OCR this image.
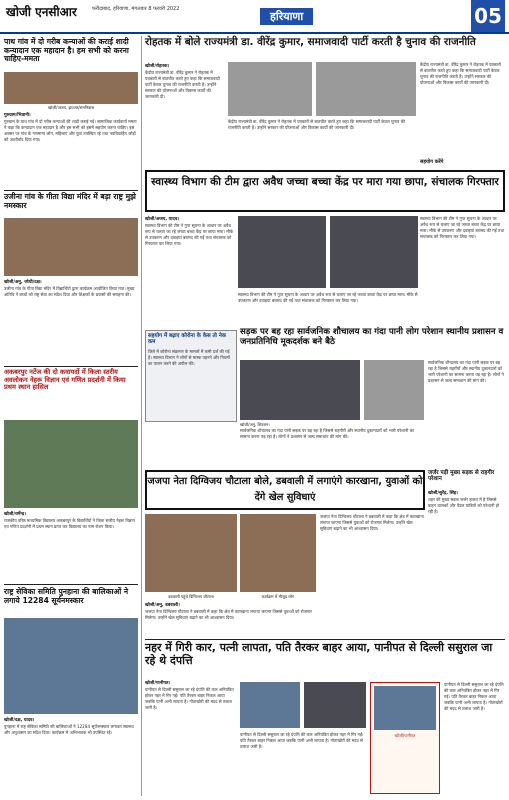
खोजी एनसीआर	फरीदाबाद, हरियाणा, मंगलवार 8 फरवरी 2022
हरियाणा	05
पाथ गांव में दो गरीब कन्याओं की कराई शादी कन्यादान एक महादान है। हम सभी को करना चाहिए-ममता
खोजी/अजय, झज्जर/रामनिवास
गुरुग्राम/भिवानी।
गुरुग्राम के पाथ गांव में दो गरीब कन्याओं की शादी कराई गई। सामाजिक कार्यकर्ता ममता ने कहा कि कन्यादान एक महादान है और हम सभी को इसमें सहयोग करना चाहिए। इस अवसर पर गांव के गणमान्य लोग, महिलाएं और युवा उपस्थित रहे तथा नवविवाहित जोड़ों को आशीर्वाद दिया गया।
उजीना गांव के गीता विद्या मंदिर में बड़ा राष्ट्र मुझे नमस्कार
खोजी/अनु, जोधी/दक्ष।
उजीना गांव के गीता विद्या मंदिर में विद्यार्थियों द्वारा कार्यक्रम आयोजित किया गया। मुख्य अतिथि ने बच्चों को राष्ट्र सेवा का संदेश दिया और शिक्षकों के प्रयासों की सराहना की।
अकबरपुर नटेंज की दो कवायदों में किला स्तरीय अवलोकन नेहरू विज्ञान एवं गणित प्रदर्शनी में किया प्रथम स्थान हासिल
खोजी/धर्मेन्द्र।
राजकीय वरिष्ठ माध्यमिक विद्यालय अकबरपुर के विद्यार्थियों ने जिला स्तरीय नेहरू विज्ञान एवं गणित प्रदर्शनी में प्रथम स्थान प्राप्त कर विद्यालय का नाम रोशन किया।
राष्ट्र सेविका समिति पुनहाना की बालिकाओं ने लगाये 12284 सूर्यनमस्कार
खोजी/दक्ष, यादव।
पुनहाना में राष्ट्र सेविका समिति की बालिकाओं ने 12284 सूर्यनमस्कार लगाकर स्वास्थ्य और अनुशासन का संदेश दिया। कार्यक्रम में अभिभावक भी उपस्थित रहे।
रोहतक में बोले राज्यमंत्री डा. वीरेंद्र कुमार, समाजवादी पार्टी करती है चुनाव की राजनीति
खोजी/रोहतक।
केंद्रीय राज्यमंत्री डा. वीरेंद्र कुमार ने रोहतक में पत्रकारों से बातचीत करते हुए कहा कि समाजवादी पार्टी केवल चुनाव की राजनीति करती है। उन्होंने सरकार की योजनाओं और विकास कार्यों की जानकारी दी।
केंद्रीय राज्यमंत्री डा. वीरेंद्र कुमार ने रोहतक में पत्रकारों से बातचीत करते हुए कहा कि समाजवादी पार्टी केवल चुनाव की राजनीति करती है। उन्होंने सरकार की योजनाओं और विकास कार्यों की जानकारी दी।
केंद्रीय राज्यमंत्री डा. वीरेंद्र कुमार ने रोहतक में पत्रकारों से बातचीत करते हुए कहा कि समाजवादी पार्टी केवल चुनाव की राजनीति करती है। उन्होंने सरकार की योजनाओं और विकास कार्यों की जानकारी दी।
सहयोग करेंगे
स्वास्थ्य विभाग की टीम द्वारा अवैध जच्चा बच्चा केंद्र पर मारा गया छापा, संचालक गिरफ्तार
खोजी/अजय, यादव।
स्वास्थ्य विभाग की टीम ने गुप्त सूचना के आधार पर अवैध रूप से चलाए जा रहे जच्चा बच्चा केंद्र पर छापा मारा। मौके से उपकरण और दवाइयां बरामद की गईं तथा संचालक को गिरफ्तार कर लिया गया।
स्वास्थ्य विभाग की टीम ने गुप्त सूचना के आधार पर अवैध रूप से चलाए जा रहे जच्चा बच्चा केंद्र पर छापा मारा। मौके से उपकरण और दवाइयां बरामद की गईं तथा संचालक को गिरफ्तार कर लिया गया।
सहयोग में बढ़ाए कोरोना के केस तो नेक कम
जिले में कोरोना संक्रमण के मामलों में कमी दर्ज की गई है। स्वास्थ्य विभाग ने लोगों से मास्क पहनने और नियमों का पालन करने की अपील की।
स्वास्थ्य विभाग की टीम ने गुप्त सूचना के आधार पर अवैध रूप से चलाए जा रहे जच्चा बच्चा केंद्र पर छापा मारा। मौके से उपकरण और दवाइयां बरामद की गईं तथा संचालक को गिरफ्तार कर लिया गया।
सड़क पर बह रहा सार्वजनिक शौचालय का गंदा पानी लोग परेशान स्थानीय प्रशासन व जनप्रतिनिधि मूकदर्शक बने बैठे
खोजी/अनु, शिवधन।
सार्वजनिक शौचालय का गंदा पानी सड़क पर बह रहा है जिससे राहगीरों और स्थानीय दुकानदारों को भारी परेशानी का सामना करना पड़ रहा है। लोगों ने प्रशासन से जल्द समाधान की मांग की।
सार्वजनिक शौचालय का गंदा पानी सड़क पर बह रहा है जिससे राहगीरों और स्थानीय दुकानदारों को भारी परेशानी का सामना करना पड़ रहा है। लोगों ने प्रशासन से जल्द समाधान की मांग की।
जजपा नेता दिग्विजय चौटाला बोले, डबवाली में लगाएंगे कारखाना, युवाओं को देंगे खेल सुविधाएं
डबवाली पहुंचे दिग्विजय चौटाला	कार्यक्रम में मौजूद लोग
खोजी/अनु, डबवाली।
जजपा नेता दिग्विजय चौटाला ने डबवाली में कहा कि क्षेत्र में कारखाना लगाया जाएगा जिससे युवाओं को रोजगार मिलेगा। उन्होंने खेल सुविधाएं बढ़ाने का भी आश्वासन दिया।
जजपा नेता दिग्विजय चौटाला ने डबवाली में कहा कि क्षेत्र में कारखाना लगाया जाएगा जिससे युवाओं को रोजगार मिलेगा। उन्होंने खेल सुविधाएं बढ़ाने का भी आश्वासन दिया।
जर्जर पड़ी मुख्य सड़क से राहगीर परेशान
खोजी/सुरेंद्र, सिंह।
शहर की मुख्य सड़क जर्जर हालत में है जिससे वाहन चालकों और पैदल यात्रियों को परेशानी हो रही है।
नहर में गिरी कार, पत्नी लापता, पति तैरकर बाहर आया, पानीपत से दिल्ली ससुराल जा रहे थे दंपत्ति
खोजी/पानीपत।
पानीपत से दिल्ली ससुराल जा रहे दंपत्ति की कार अनियंत्रित होकर नहर में गिर गई। पति तैरकर बाहर निकल आया जबकि पत्नी अभी लापता है। गोताखोरों की मदद से तलाश जारी है।
पानीपत से दिल्ली ससुराल जा रहे दंपत्ति की कार अनियंत्रित होकर नहर में गिर गई। पति तैरकर बाहर निकल आया जबकि पत्नी अभी लापता है। गोताखोरों की मदद से तलाश जारी है।
खोजी/पानीपत
पानीपत से दिल्ली ससुराल जा रहे दंपत्ति की कार अनियंत्रित होकर नहर में गिर गई। पति तैरकर बाहर निकल आया जबकि पत्नी अभी लापता है। गोताखोरों की मदद से तलाश जारी है।
